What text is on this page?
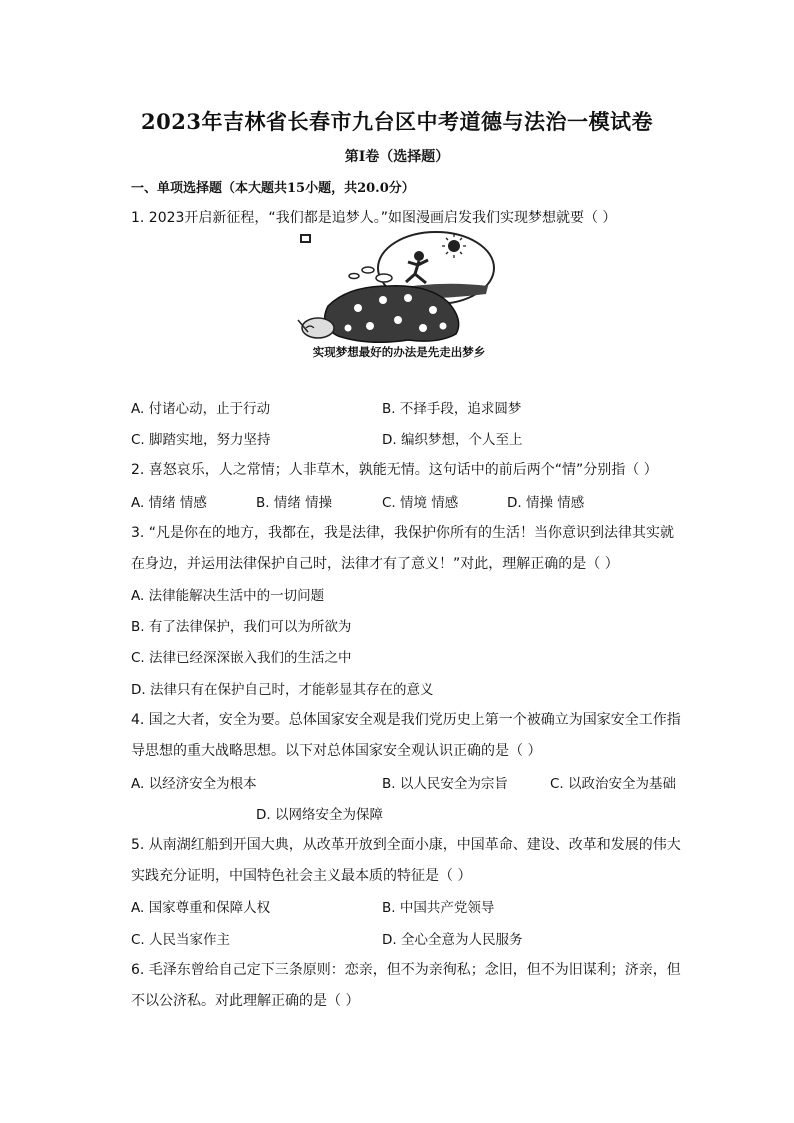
2023年吉林省长春市九台区中考道德与法治一模试卷
第Ⅰ卷（选择题）
一、单项选择题（本大题共15小题，共20.0分）
1. 2023开启新征程，“我们都是追梦人。”如图漫画启发我们实现梦想就要（ ）
实现梦想最好的办法是先走出梦乡
A. 付诸心动，止于行动	B. 不择手段，追求圆梦
C. 脚踏实地，努力坚持	D. 编织梦想，个人至上
2. 喜怒哀乐，人之常情；人非草木，孰能无情。这句话中的前后两个“情”分别指（ ）
A. 情绪 情感	B. 情绪 情操	C. 情境 情感	D. 情操 情感
3. “凡是你在的地方，我都在，我是法律，我保护你所有的生活！当你意识到法律其实就
在身边，并运用法律保护自己时，法律才有了意义！”对此，理解正确的是（ ）
A. 法律能解决生活中的一切问题
B. 有了法律保护，我们可以为所欲为
C. 法律已经深深嵌入我们的生活之中
D. 法律只有在保护自己时，才能彰显其存在的意义
4. 国之大者，安全为要。总体国家安全观是我们党历史上第一个被确立为国家安全工作指
导思想的重大战略思想。以下对总体国家安全观认识正确的是（ ）
A. 以经济安全为根本	B. 以人民安全为宗旨	C. 以政治安全为基础
D. 以网络安全为保障
5. 从南湖红船到开国大典，从改革开放到全面小康，中国革命、建设、改革和发展的伟大
实践充分证明，中国特色社会主义最本质的特征是（ ）
A. 国家尊重和保障人权	B. 中国共产党领导
C. 人民当家作主	D. 全心全意为人民服务
6. 毛泽东曾给自己定下三条原则：恋亲，但不为亲徇私；念旧，但不为旧谋利；济亲，但
不以公济私。对此理解正确的是（ ）
